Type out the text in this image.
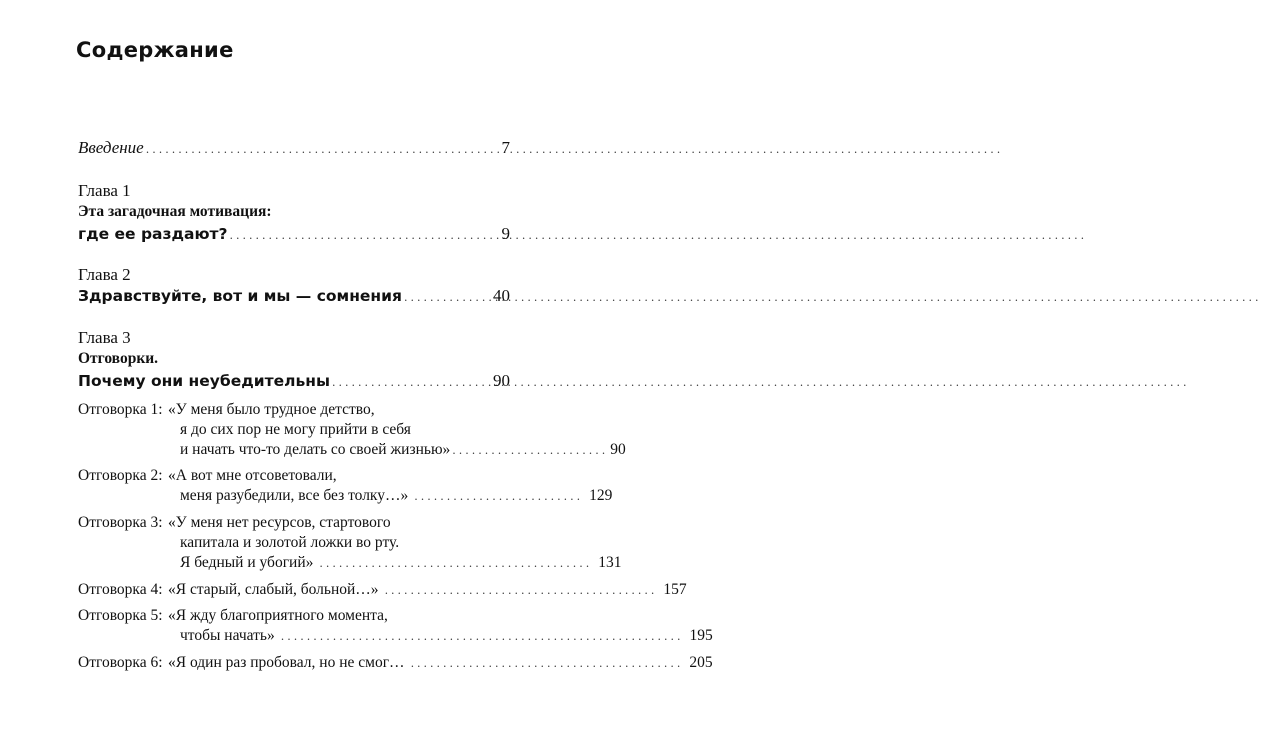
Содержание
Введение .....	7
Глава 1
Эта загадочная мотивация:
где ее раздают? .....	9
Глава 2
Здравствуйте, вот и мы — сомнения .....	40
Глава 3
Отговорки.
Почему они неубедительны .....	90
Отговорка 1: «У меня было трудное детство,
я до сих пор не могу прийти в себя
и начать что-то делать со своей жизнью» ........................ 90
Отговорка 2: «А вот мне отсоветовали,
меня разубедили, все без толку…» .......................... 129
Отговорка 3: «У меня нет ресурсов, стартового
капитала и золотой ложки во рту.
Я бедный и убогий» .......................................... 131
Отговорка 4: «Я старый, слабый, больной…» .......................................... 157
Отговорка 5: «Я жду благоприятного момента,
чтобы начать» .............................................................. 195
Отговорка 6: «Я один раз пробовал, но не смог… .......................................... 205
